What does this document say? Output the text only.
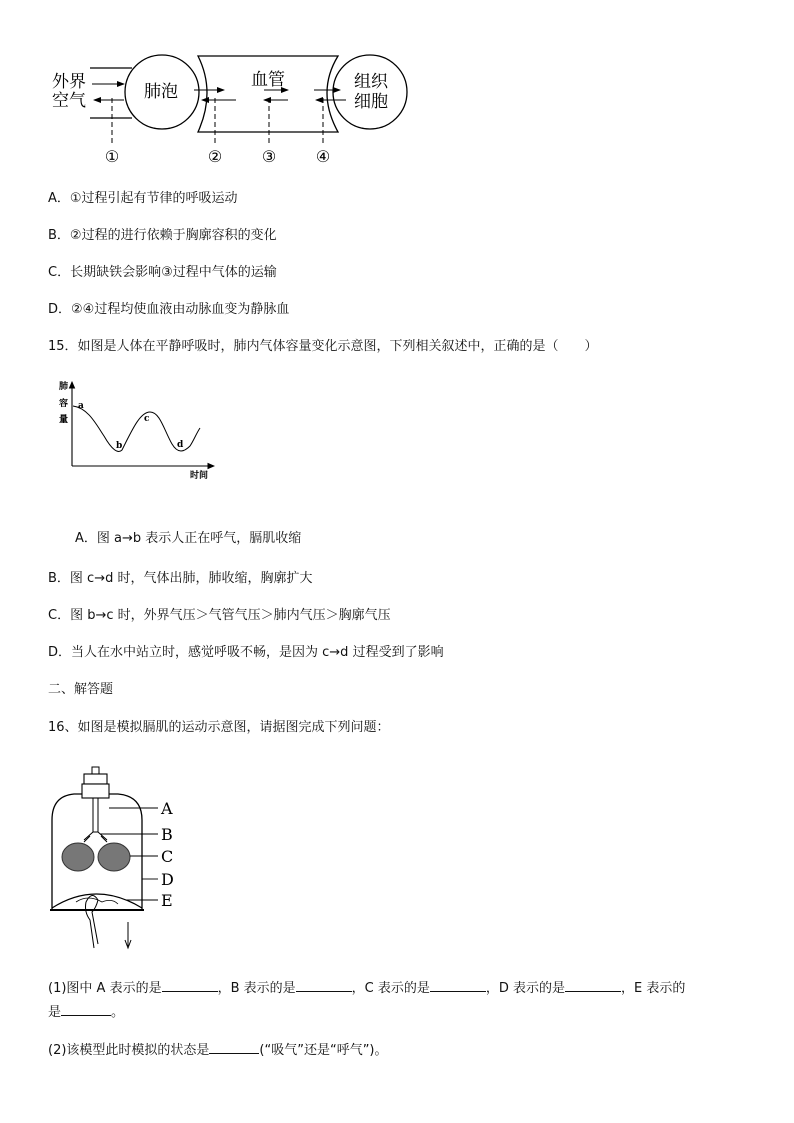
外界
空气	肺泡
血管	组织
细胞
①	② ③ ④
A．①过程引起有节律的呼吸运动
B．②过程的进行依赖于胸廓容积的变化
C．长期缺铁会影响③过程中气体的运输
D．②④过程均使血液由动脉血变为静脉血
15．如图是人体在平静呼吸时，肺内气体容量变化示意图，下列相关叙述中，正确的是（　　）
肺
容
量
a
b
c
d
时间
A．图 a→b 表示人正在呼气，膈肌收缩
B．图 c→d 时，气体出肺，肺收缩，胸廓扩大
C．图 b→c 时，外界气压＞气管气压＞肺内气压＞胸廓气压
D．当人在水中站立时，感觉呼吸不畅，是因为 c→d 过程受到了影响
二、解答题
16、如图是模拟膈肌的运动示意图，请据图完成下列问题：
A
B
C
D
E
(1)图中 A 表示的是	，B 表示的是	，C 表示的是	，D 表示的是	，E 表示的
是	。
(2)该模型此时模拟的状态是	(“吸气”还是“呼气”)。
